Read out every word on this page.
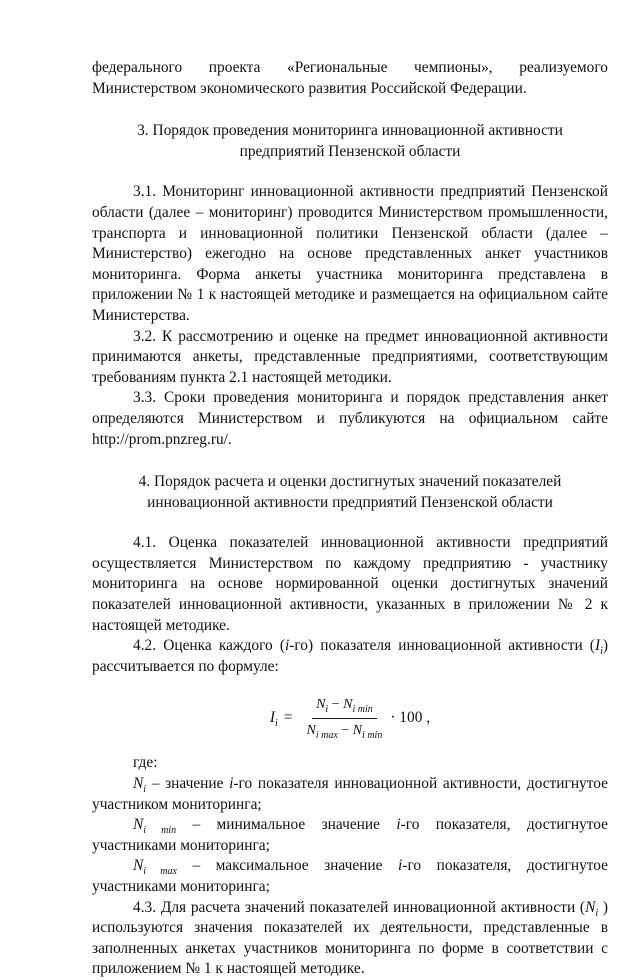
федерального проекта «Региональные чемпионы», реализуемого

Министерством экономического развития Российской Федерации.

3. Порядок проведения мониторинга инновационной активности

предприятий Пензенской области

3.1. Мониторинг инновационной активности предприятий Пензенской области (далее – мониторинг) проводится Министерством промышленности, транспорта и инновационной политики Пензенской области (далее – Министерство) ежегодно на основе представленных анкет участников мониторинга. Форма анкеты участника мониторинга представлена в приложении № 1 к настоящей методике и размещается на официальном сайте Министерства.

3.2. К рассмотрению и оценке на предмет инновационной активности принимаются анкеты, представленные предприятиями, соответствующим требованиям пункта 2.1 настоящей методики.

3.3. Сроки проведения мониторинга и порядок представления анкет определяются Министерством и публикуются на официальном сайте http://prom.pnzreg.ru/.

4. Порядок расчета и оценки достигнутых значений показателей

инновационной активности предприятий Пензенской области

4.1. Оценка показателей инновационной активности предприятий осуществляется Министерством по каждому предприятию - участнику мониторинга на основе нормированной оценки достигнутых значений показателей инновационной активности, указанных в приложении № 2 к настоящей методике.

4.2. Оценка каждого (i-го) показателя инновационной активности $(I_i)$ рассчитывается по формуле:

$I_i = \frac{N_i - N_{i min}}{N_{i max} - N_{i min}} \cdot 100$ ,

где:

$N_i$ – значение i-го показателя инновационной активности, достигнутое участником мониторинга;

$N_{i min}$ – минимальное значение i-го показателя, достигнутое участниками мониторинга;

$N_{i max}$ – максимальное значение i-го показателя, достигнутое участниками мониторинга;

4.3. Для расчета значений показателей инновационной активности ($N_i$ ) используются значения показателей их деятельности, представленные в заполненных анкетах участников мониторинга по форме в соответствии с приложением № 1 к настоящей методике.
